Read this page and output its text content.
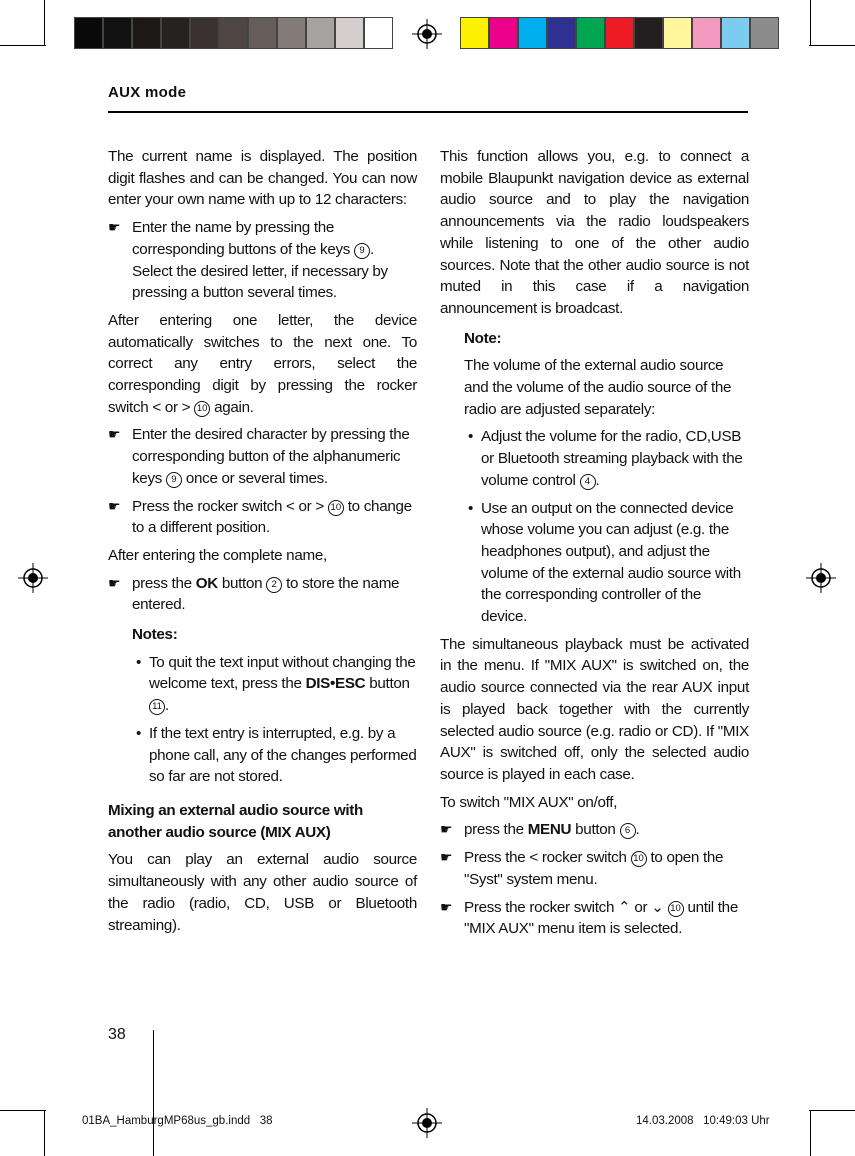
AUX mode

The current name is displayed. The position digit flashes and can be changed. You can now enter your own name with up to 12 characters:

☛ Enter the name by pressing the corresponding buttons of the keys 9 . Select the desired letter, if necessary by pressing a button several times.

After entering one letter, the device automatically switches to the next one. To correct any entry errors, select the corresponding digit by pressing the rocker switch < or > 10 again.

☛ Enter the desired character by pressing the corresponding button of the alphanumeric keys 9 once or several times.
☛ Press the rocker switch < or > 10 to change to a different position.

After entering the complete name,

☛ press the OK button 2 to store the name entered.
Notes:
• To quit the text input without changing the welcome text, press the DIS•ESC button 11 .
• If the text entry is interrupted, e.g. by a phone call, any of the changes performed so far are not stored.
Mixing an external audio source with another audio source (MIX AUX)

You can play an external audio source simultaneously with any other audio source of the radio (radio, CD, USB or Bluetooth streaming).

This function allows you, e.g. to connect a mobile Blaupunkt navigation device as external audio source and to play the navigation announcements via the radio loudspeakers while listening to one of the other audio sources. Note that the other audio source is not muted in this case if a navigation announcement is broadcast.

Note:

The volume of the external audio source and the volume of the audio source of the radio are adjusted separately:

• Adjust the volume for the radio, CD,USB or Bluetooth streaming playback with the volume control 4 .
• Use an output on the connected device whose volume you can adjust (e.g. the headphones output), and adjust the volume of the external audio source with the corresponding controller of the device.

The simultaneous playback must be activated in the menu. If "MIX AUX" is switched on, the audio source connected via the rear AUX input is played back together with the currently selected audio source (e.g. radio or CD). If "MIX AUX" is switched off, only the selected audio source is played in each case.

To switch "MIX AUX" on/off,

☛ press the MENU button 6 .
☛ Press the < rocker switch 10 to open the "Syst" system menu.
☛ Press the rocker switch ⌃ or ⌄ 10 until the "MIX AUX" menu item is selected.
38
01BA_HamburgMP68us_gb.indd   38	14.03.2008   10:49:03 Uhr
